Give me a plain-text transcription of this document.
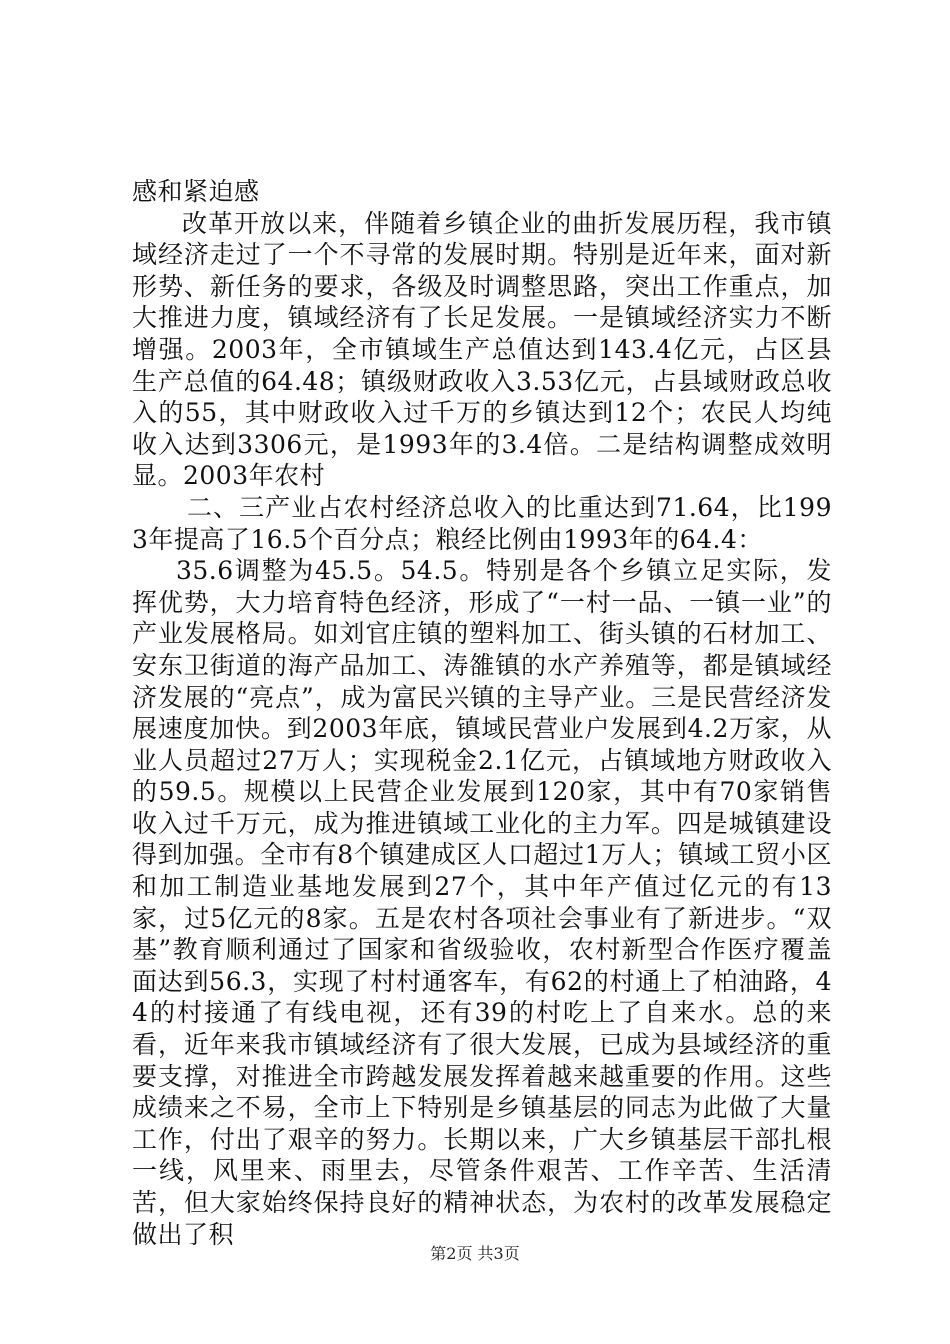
感和紧迫感

改革开放以来，伴随着乡镇企业的曲折发展历程，我市镇域经济走过了一个不寻常的发展时期。特别是近年来，面对新形势、新任务的要求，各级及时调整思路，突出工作重点，加大推进力度，镇域经济有了长足发展。一是镇域经济实力不断增强。2003年，全市镇域生产总值达到143.4亿元，占区县生产总值的64.48；镇级财政收入3.53亿元，占县域财政总收入的55，其中财政收入过千万的乡镇达到12个；农民人均纯收入达到3306元，是1993年的3.4倍。二是结构调整成效明显。2003年农村

二、三产业占农村经济总收入的比重达到71.64，比1993年提高了16.5个百分点；粮经比例由1993年的64.4：

35.6调整为45.5。54.5。特别是各个乡镇立足实际，发挥优势，大力培育特色经济，形成了“一村一品、一镇一业”的产业发展格局。如刘官庄镇的塑料加工、街头镇的石材加工、安东卫街道的海产品加工、涛雒镇的水产养殖等，都是镇域经济发展的“亮点”，成为富民兴镇的主导产业。三是民营经济发展速度加快。到2003年底，镇域民营业户发展到4.2万家，从业人员超过27万人；实现税金2.1亿元，占镇域地方财政收入的59.5。规模以上民营企业发展到120家，其中有70家销售收入过千万元，成为推进镇域工业化的主力军。四是城镇建设得到加强。全市有8个镇建成区人口超过1万人；镇域工贸小区和加工制造业基地发展到27个，其中年产值过亿元的有13家，过5亿元的8家。五是农村各项社会事业有了新进步。“双基”教育顺利通过了国家和省级验收，农村新型合作医疗覆盖面达到56.3，实现了村村通客车，有62的村通上了柏油路，44的村接通了有线电视，还有39的村吃上了自来水。总的来看，近年来我市镇域经济有了很大发展，已成为县域经济的重要支撑，对推进全市跨越发展发挥着越来越重要的作用。这些成绩来之不易，全市上下特别是乡镇基层的同志为此做了大量工作，付出了艰辛的努力。长期以来，广大乡镇基层干部扎根一线，风里来、雨里去，尽管条件艰苦、工作辛苦、生活清苦，但大家始终保持良好的精神状态，为农村的改革发展稳定做出了积

第2页 共3页
